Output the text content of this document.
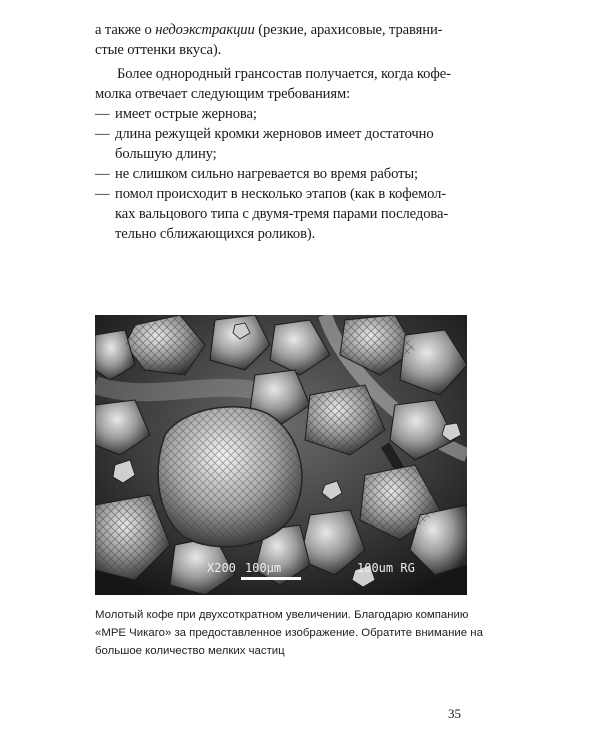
а также о недоэкстракции (резкие, арахисовые, травяни-
стые оттенки вкуса).

Более однородный грансостав получается, когда кофе-
молка отвечает следующим требованиям:

— имеет острые жернова;
— длина режущей кромки жерновов имеет достаточно
большую длину;
— не слишком сильно нагревается во время работы;
— помол происходит в несколько этапов (как в кофемол-
ках вальцового типа с двумя-тремя парами последова-
тельно сближающихся роликов).
X200 100µm	100um RG
Молотый кофе при двухсоткратном увеличении. Благодарю компанию «MPE Чикаго» за предоставленное изображение. Обратите внимание на большое количество мелких частиц
35
